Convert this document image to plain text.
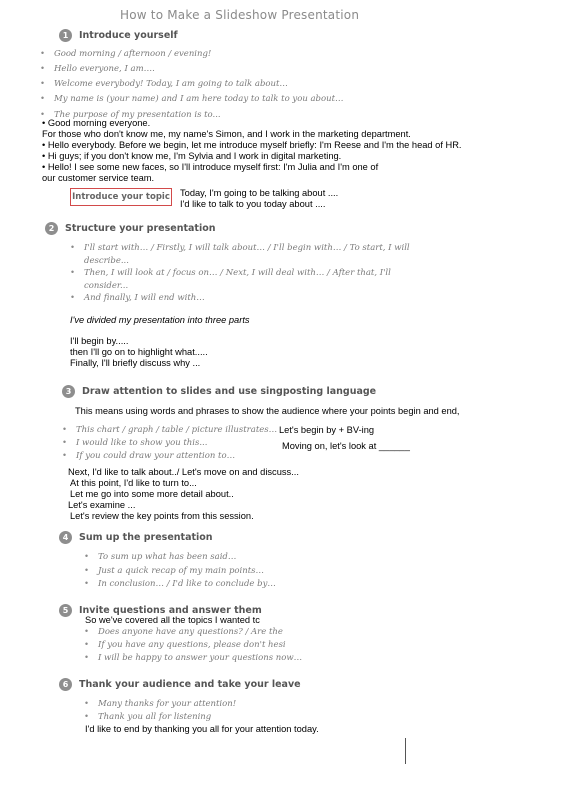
How to Make a Slideshow Presentation
1	Introduce yourself
• Good morning / afternoon / evening!
• Hello everyone, I am….
• Welcome everybody! Today, I am going to talk about…
• My name is (your name) and I am here today to talk to you about…
• The purpose of my presentation is to...
• Good morning everyone.
For those who don't know me, my name's Simon, and I work in the marketing department.
• Hello everybody. Before we begin, let me introduce myself briefly: I'm Reese and I'm the head of HR.
• Hi guys; if you don't know me, I'm Sylvia and I work in digital marketing.
• Hello! I see some new faces, so I'll introduce myself first: I'm Julia and I'm one of
our customer service team.
Introduce your topic Today, I'm going to be talking about ....
I'd like to talk to you today about ....
2	Structure your presentation
• I'll start with… / Firstly, I will talk about… / I'll begin with… / To start, I will
describe...
• Then, I will look at / focus on… / Next, I will deal with… / After that, I'll
consider...
• And finally, I will end with…
I've divided my presentation into three parts
I'll begin by.....
then I'll go on to highlight what.....
Finally, I'll briefly discuss why ...
3	Draw attention to slides and use singposting language
This means using words and phrases to show the audience where your points begin and end,
• This chart / graph / table / picture illustrates…
• I would like to show you this...
• If you could draw your attention to…
Let's begin by + BV-ing
Moving on, let's look at ______
Next, I'd like to talk about../ Let's move on and discuss...
At this point, I'd like to turn to...
Let me go into some more detail about..
Let's examine ...
Let's review the key points from this session.
4	Sum up the presentation
• To sum up what has been said…
• Just a quick recap of my main points…
• In conclusion… / I'd like to conclude by…
5	Invite questions and answer them
So we've covered all the topics I wanted tc
• Does anyone have any questions? / Are the
• If you have any questions, please don't hesi
• I will be happy to answer your questions now…
6	Thank your audience and take your leave
• Many thanks for your attention!
• Thank you all for listening
I'd like to end by thanking you all for your attention today.
